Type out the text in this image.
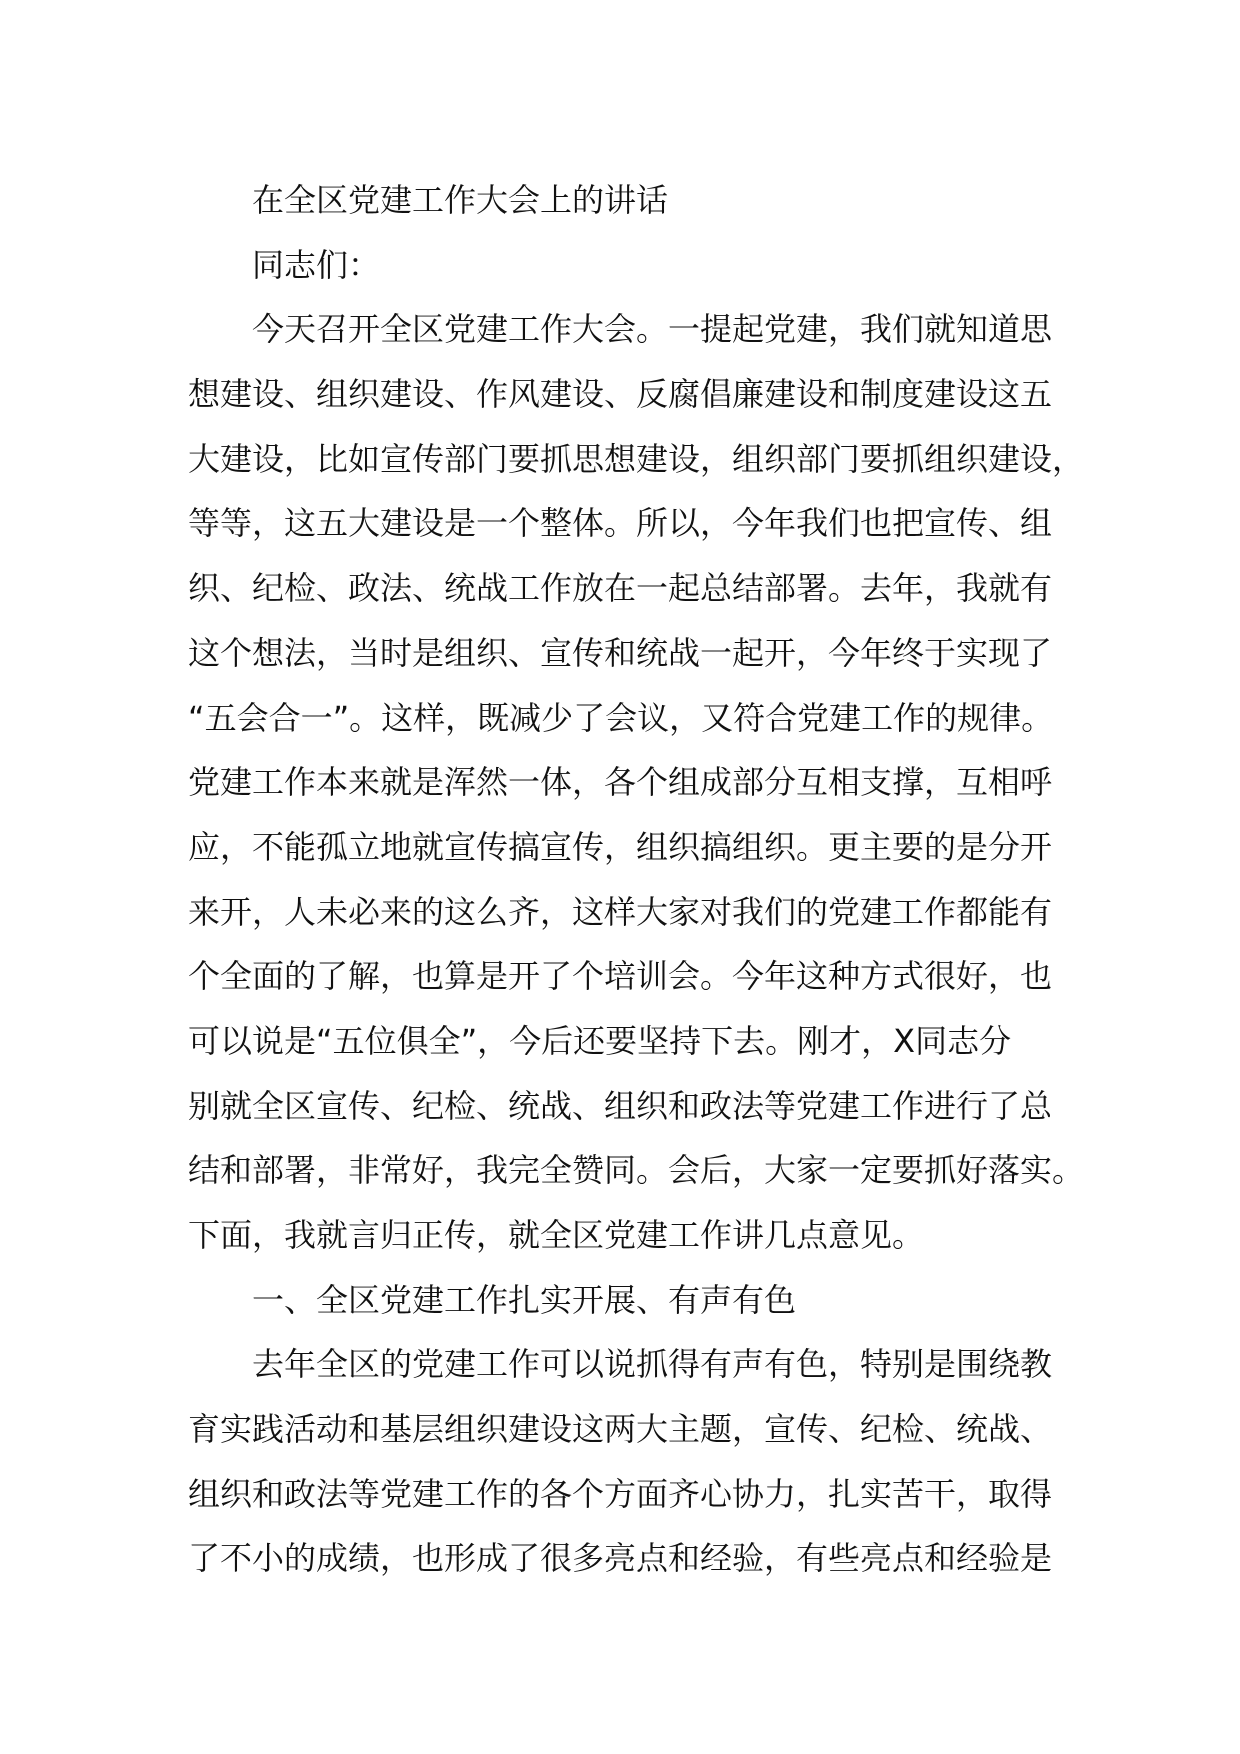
在全区党建工作大会上的讲话
同志们：
今天召开全区党建工作大会。一提起党建，我们就知道思
想建设、组织建设、作风建设、反腐倡廉建设和制度建设这五
大建设，比如宣传部门要抓思想建设，组织部门要抓组织建设，
等等，这五大建设是一个整体。所以，今年我们也把宣传、组
织、纪检、政法、统战工作放在一起总结部署。去年，我就有
这个想法，当时是组织、宣传和统战一起开，今年终于实现了
“五会合一”。这样，既减少了会议，又符合党建工作的规律。
党建工作本来就是浑然一体，各个组成部分互相支撑，互相呼
应，不能孤立地就宣传搞宣传，组织搞组织。更主要的是分开
来开，人未必来的这么齐，这样大家对我们的党建工作都能有
个全面的了解，也算是开了个培训会。今年这种方式很好，也
可以说是“五位俱全”，今后还要坚持下去。刚才，X同志分
别就全区宣传、纪检、统战、组织和政法等党建工作进行了总
结和部署，非常好，我完全赞同。会后，大家一定要抓好落实。
下面，我就言归正传，就全区党建工作讲几点意见。
一、全区党建工作扎实开展、有声有色
去年全区的党建工作可以说抓得有声有色，特别是围绕教
育实践活动和基层组织建设这两大主题，宣传、纪检、统战、
组织和政法等党建工作的各个方面齐心协力，扎实苦干，取得
了不小的成绩，也形成了很多亮点和经验，有些亮点和经验是
